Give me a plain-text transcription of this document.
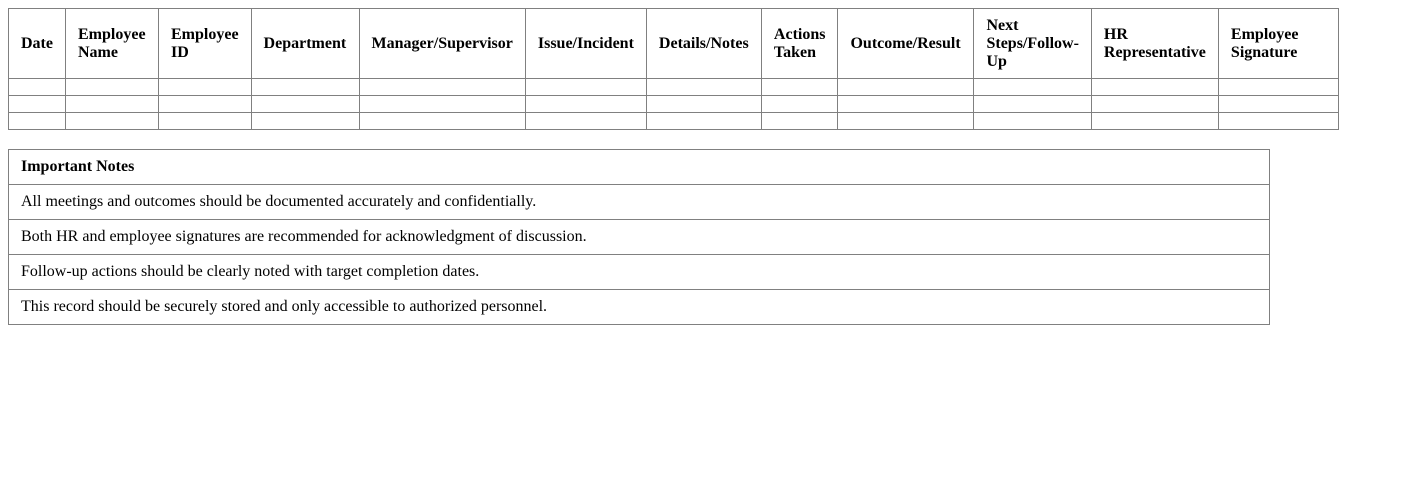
Date	Employee Name	Employee ID	Department	Manager/Supervisor	Issue/Incident	Details/Notes	Actions Taken	Outcome/Result	Next Steps/Follow-Up	HR Representative	Employee Signature

Important Notes
All meetings and outcomes should be documented accurately and confidentially.
Both HR and employee signatures are recommended for acknowledgment of discussion.
Follow-up actions should be clearly noted with target completion dates.
This record should be securely stored and only accessible to authorized personnel.
